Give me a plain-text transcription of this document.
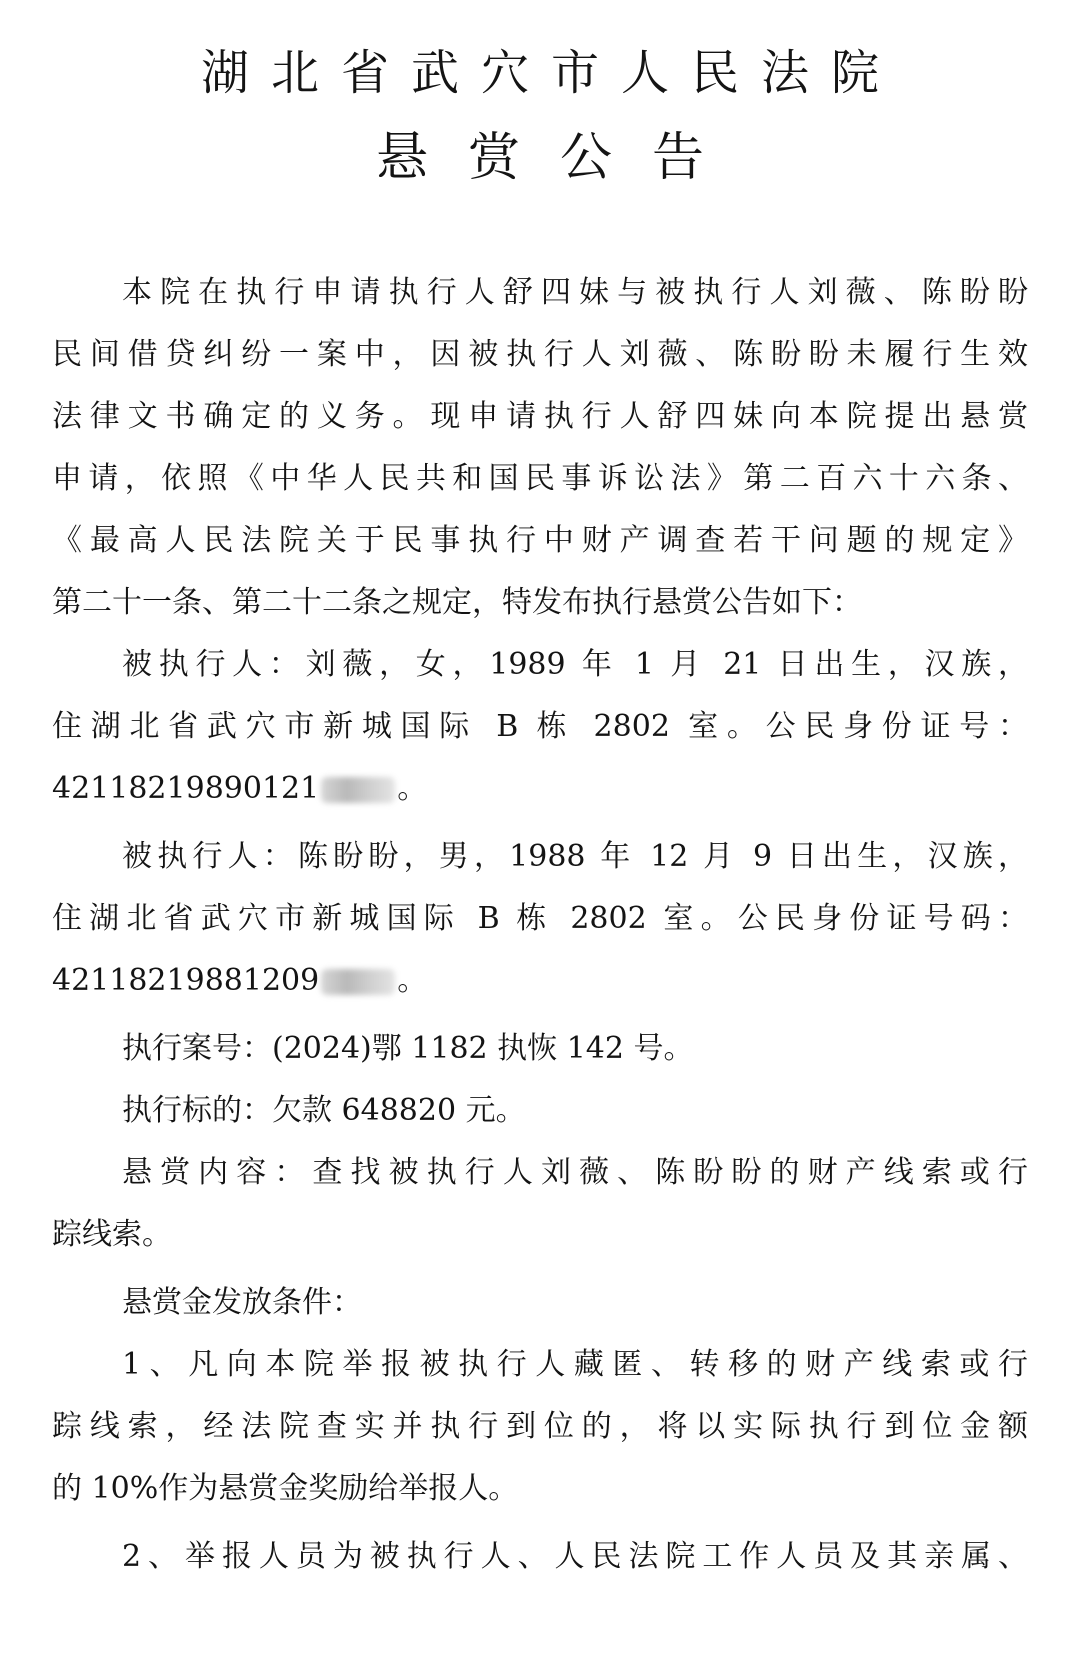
湖北省武穴市人民法院
悬赏公告
本院在执行申请执行人舒四妹与被执行人刘薇、陈盼盼
民间借贷纠纷一案中，因被执行人刘薇、陈盼盼未履行生效
法律文书确定的义务。现申请执行人舒四妹向本院提出悬赏
申请，依照《中华人民共和国民事诉讼法》第二百六十六条、
《最高人民法院关于民事执行中财产调查若干问题的规定》
第二十一条、第二十二条之规定，特发布执行悬赏公告如下：
被执行人：刘薇，女，1989 年 1 月 21 日出生，汉族，
住湖北省武穴市新城国际 B 栋 2802 室。公民身份证号：
42118219890121	。
被执行人：陈盼盼，男，1988 年 12 月 9 日出生，汉族，
住湖北省武穴市新城国际 B 栋 2802 室。公民身份证号码：
42118219881209	。
执行案号：(2024)鄂 1182 执恢 142 号。
执行标的：欠款 648820 元。
悬赏内容：查找被执行人刘薇、陈盼盼的财产线索或行
踪线索。
悬赏金发放条件：
1、凡向本院举报被执行人藏匿、转移的财产线索或行
踪线索，经法院查实并执行到位的，将以实际执行到位金额
的 10%作为悬赏金奖励给举报人。
2、举报人员为被执行人、人民法院工作人员及其亲属、
